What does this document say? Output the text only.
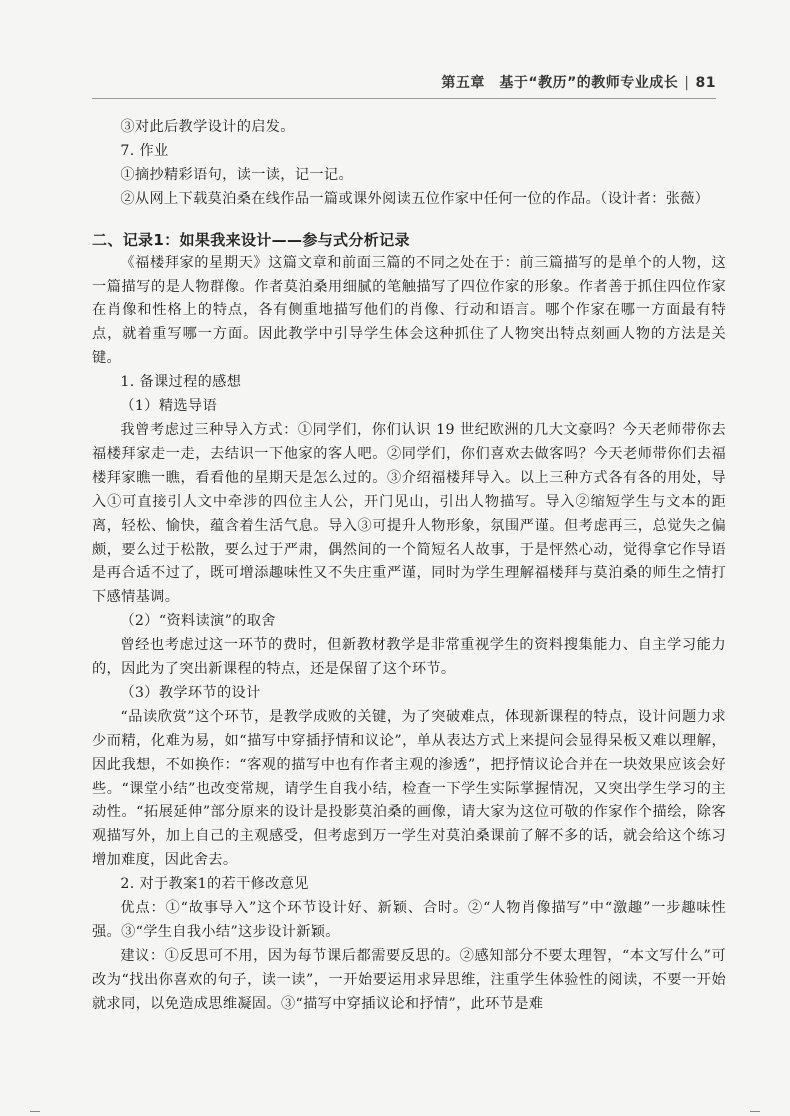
第五章　基于“教历”的教师专业成长 | 81

③对此后教学设计的启发。

7. 作业

①摘抄精彩语句，读一读，记一记。

②从网上下载莫泊桑在线作品一篇或课外阅读五位作家中任何一位的作品。（设计者：张薇）

二、记录1：如果我来设计——参与式分析记录

《福楼拜家的星期天》这篇文章和前面三篇的不同之处在于：前三篇描写的是单个的人物，这一篇描写的是人物群像。作者莫泊桑用细腻的笔触描写了四位作家的形象。作者善于抓住四位作家在肖像和性格上的特点，各有侧重地描写他们的肖像、行动和语言。哪个作家在哪一方面最有特点，就着重写哪一方面。因此教学中引导学生体会这种抓住了人物突出特点刻画人物的方法是关键。

1. 备课过程的感想

（1）精选导语

我曾考虑过三种导入方式：①同学们，你们认识 19 世纪欧洲的几大文豪吗？今天老师带你去福楼拜家走一走，去结识一下他家的客人吧。②同学们，你们喜欢去做客吗？今天老师带你们去福楼拜家瞧一瞧，看看他的星期天是怎么过的。③介绍福楼拜导入。以上三种方式各有各的用处，导入①可直接引人文中牵涉的四位主人公，开门见山，引出人物描写。导入②缩短学生与文本的距离，轻松、愉快，蕴含着生活气息。导入③可提升人物形象，氛围严谨。但考虑再三，总觉失之偏颇，要么过于松散，要么过于严肃，偶然间的一个简短名人故事，于是怦然心动，觉得拿它作导语是再合适不过了，既可增添趣味性又不失庄重严谨，同时为学生理解福楼拜与莫泊桑的师生之情打下感情基调。

（2）“资料读演”的取舍

曾经也考虑过这一环节的费时，但新教材教学是非常重视学生的资料搜集能力、自主学习能力的，因此为了突出新课程的特点，还是保留了这个环节。

（3）教学环节的设计

“品读欣赏”这个环节，是教学成败的关键，为了突破难点，体现新课程的特点，设计问题力求少而精，化难为易，如“描写中穿插抒情和议论”，单从表达方式上来提问会显得呆板又难以理解，因此我想，不如换作：“客观的描写中也有作者主观的渗透”，把抒情议论合并在一块效果应该会好些。“课堂小结”也改变常规，请学生自我小结，检查一下学生实际掌握情况，又突出学生学习的主动性。“拓展延伸”部分原来的设计是投影莫泊桑的画像，请大家为这位可敬的作家作个描绘，除客观描写外，加上自己的主观感受，但考虑到万一学生对莫泊桑课前了解不多的话，就会给这个练习增加难度，因此舍去。

2. 对于教案1的若干修改意见

优点：①“故事导入”这个环节设计好、新颖、合时。②“人物肖像描写”中“激趣”一步趣味性强。③“学生自我小结”这步设计新颖。

建议：①反思可不用，因为每节课后都需要反思的。②感知部分不要太理智，“本文写什么”可改为“找出你喜欢的句子，读一读”，一开始要运用求异思维，注重学生体验性的阅读，不要一开始就求同，以免造成思维凝固。③“描写中穿插议论和抒情”，此环节是难
